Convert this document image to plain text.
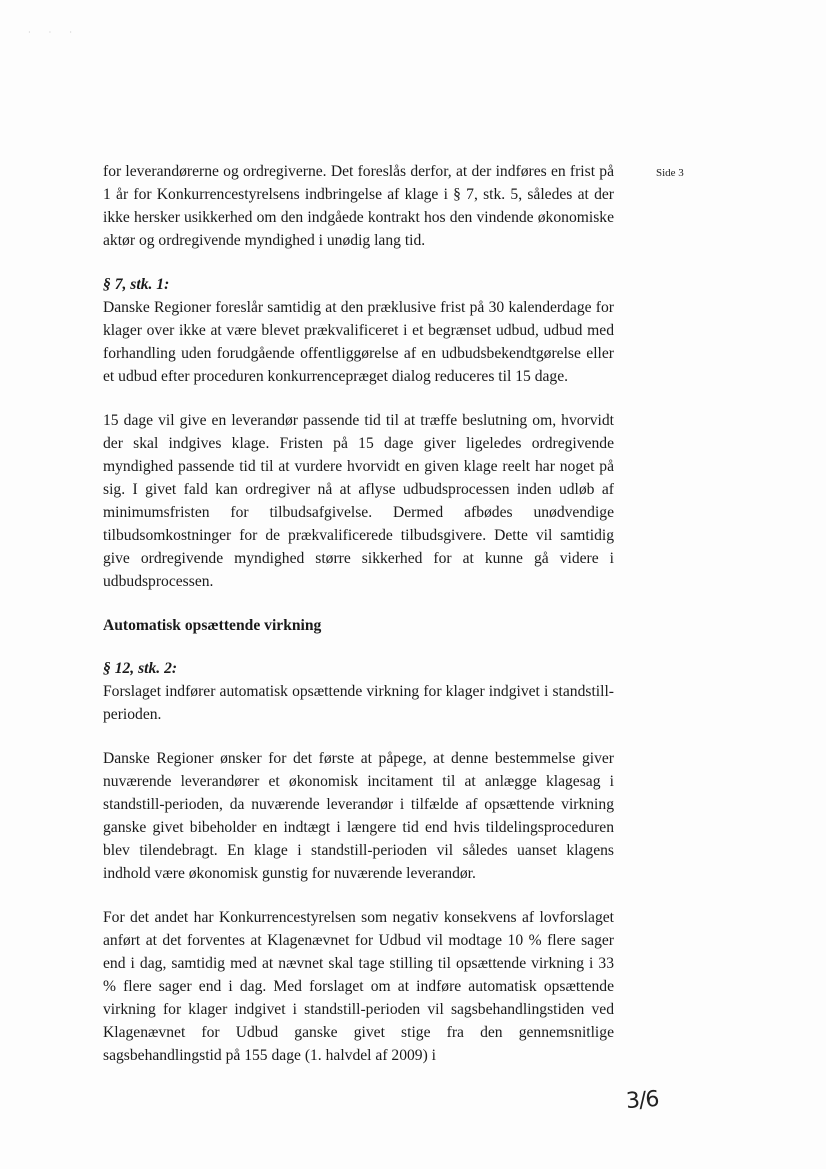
· · ·
Side 3

for leverandørerne og ordregiverne. Det foreslås derfor, at der indføres en frist på 1 år for Konkurrencestyrelsens indbringelse af klage i § 7, stk. 5, således at der ikke hersker usikkerhed om den indgåede kontrakt hos den vindende økonomiske aktør og ordregivende myndighed i unødig lang tid.

§ 7, stk. 1:

Danske Regioner foreslår samtidig at den præklusive frist på 30 kalenderdage for klager over ikke at være blevet prækvalificeret i et begrænset udbud, udbud med forhandling uden forudgående offentliggørelse af en udbudsbekendtgørelse eller et udbud efter proceduren konkurrencepræget dialog reduceres til 15 dage.

15 dage vil give en leverandør passende tid til at træffe beslutning om, hvorvidt der skal indgives klage. Fristen på 15 dage giver ligeledes ordregivende myndighed passende tid til at vurdere hvorvidt en given klage reelt har noget på sig. I givet fald kan ordregiver nå at aflyse udbudsprocessen inden udløb af minimumsfristen for tilbudsafgivelse. Dermed afbødes unødvendige tilbudsomkostninger for de prækvalificerede tilbudsgivere. Dette vil samtidig give ordregivende myndighed større sikkerhed for at kunne gå videre i udbudsprocessen.

Automatisk opsættende virkning

§ 12, stk. 2:

Forslaget indfører automatisk opsættende virkning for klager indgivet i standstill-perioden.

Danske Regioner ønsker for det første at påpege, at denne bestemmelse giver nuværende leverandører et økonomisk incitament til at anlægge klagesag i standstill-perioden, da nuværende leverandør i tilfælde af opsættende virkning ganske givet bibeholder en indtægt i længere tid end hvis tildelingsproceduren blev tilendebragt. En klage i standstill-perioden vil således uanset klagens indhold være økonomisk gunstig for nuværende leverandør.

For det andet har Konkurrencestyrelsen som negativ konsekvens af lovforslaget anført at det forventes at Klagenævnet for Udbud vil modtage 10 % flere sager end i dag, samtidig med at nævnet skal tage stilling til opsættende virkning i 33 % flere sager end i dag. Med forslaget om at indføre automatisk opsættende virkning for klager indgivet i standstill-perioden vil sagsbehandlingstiden ved Klagenævnet for Udbud ganske givet stige fra den gennemsnitlige sagsbehandlingstid på 155 dage (1. halvdel af 2009) i

3/6
